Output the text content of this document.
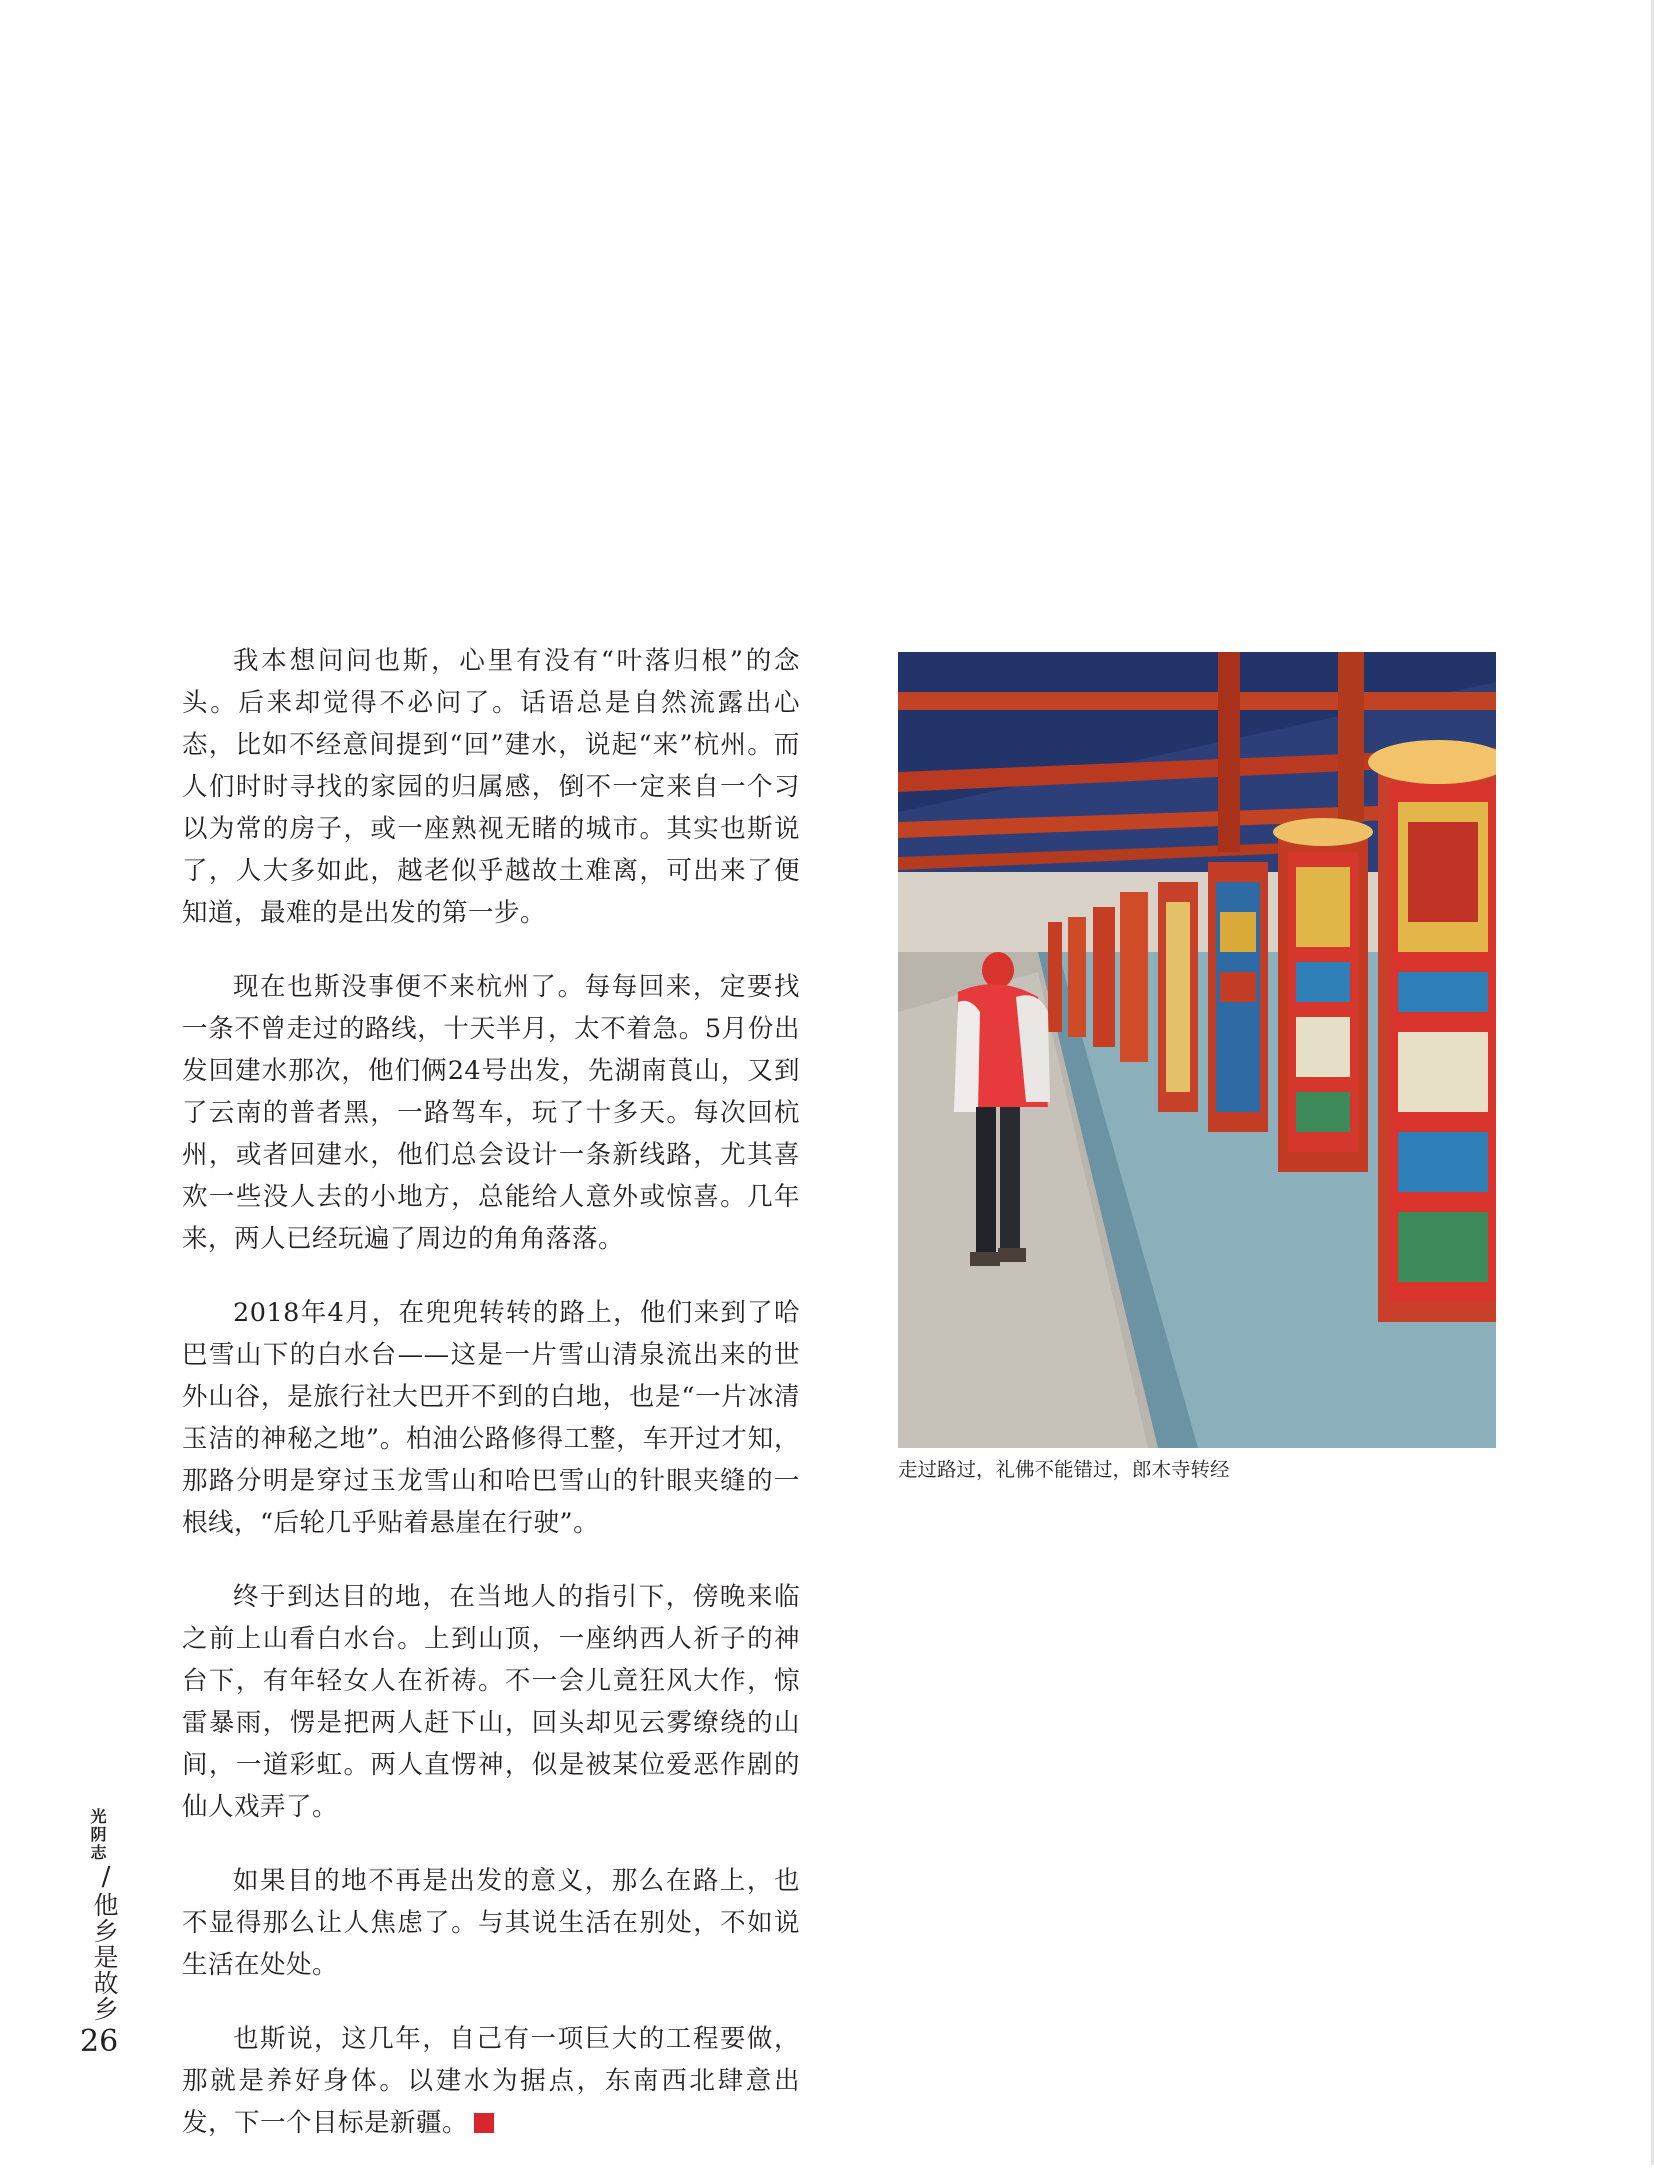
我本想问问也斯，心里有没有“叶落归根”的念头。后来却觉得不必问了。话语总是自然流露出心态，比如不经意间提到“回”建水，说起“来”杭州。而人们时时寻找的家园的归属感，倒不一定来自一个习以为常的房子，或一座熟视无睹的城市。其实也斯说了，人大多如此，越老似乎越故土难离，可出来了便知道，最难的是出发的第一步。

现在也斯没事便不来杭州了。每每回来，定要找一条不曾走过的路线，十天半月，太不着急。5月份出发回建水那次，他们俩24号出发，先湖南莨山，又到了云南的普者黑，一路驾车，玩了十多天。每次回杭州，或者回建水，他们总会设计一条新线路，尤其喜欢一些没人去的小地方，总能给人意外或惊喜。几年来，两人已经玩遍了周边的角角落落。

2018年4月，在兜兜转转的路上，他们来到了哈巴雪山下的白水台——这是一片雪山清泉流出来的世外山谷，是旅行社大巴开不到的白地，也是“一片冰清玉洁的神秘之地”。柏油公路修得工整，车开过才知，那路分明是穿过玉龙雪山和哈巴雪山的针眼夹缝的一根线，“后轮几乎贴着悬崖在行驶”。

终于到达目的地，在当地人的指引下，傍晚来临之前上山看白水台。上到山顶，一座纳西人祈子的神台下，有年轻女人在祈祷。不一会儿竟狂风大作，惊雷暴雨，愣是把两人赶下山，回头却见云雾缭绕的山间，一道彩虹。两人直愣神，似是被某位爱恶作剧的仙人戏弄了。

如果目的地不再是出发的意义，那么在路上，也不显得那么让人焦虑了。与其说生活在别处，不如说生活在处处。

也斯说，这几年，自己有一项巨大的工程要做，那就是养好身体。以建水为据点，东南西北肆意出发，下一个目标是新疆。

走过路过，礼佛不能错过，郎木寺转经
光阴志
/
他乡是故乡
26
